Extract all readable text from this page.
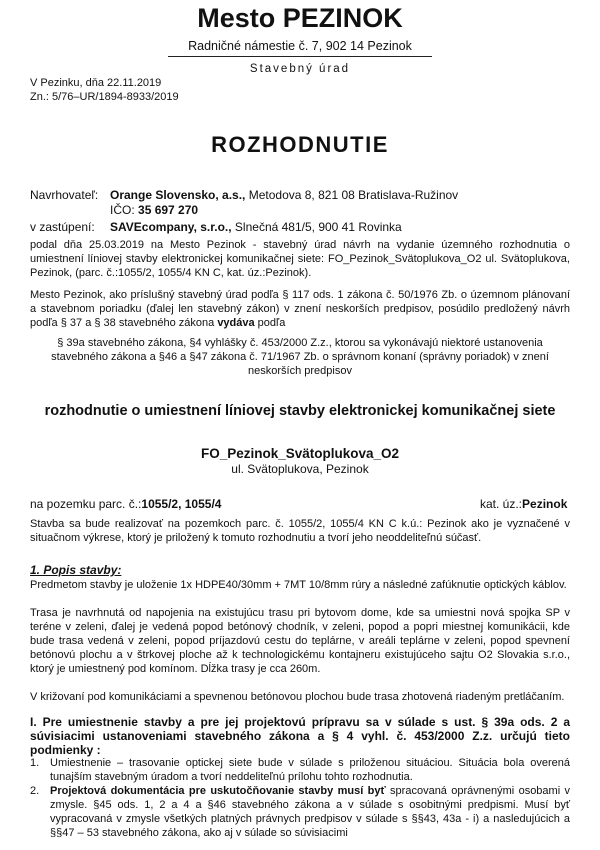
Mesto PEZINOK
Radničné námestie č. 7, 902 14 Pezinok
Stavebný úrad
V Pezinku, dňa 22.11.2019
Zn.: 5/76–UR/1894-8933/2019
ROZHODNUTIE
Navrhovateľ: Orange Slovensko, a.s., Metodova 8, 821 08 Bratislava-Ružinov
IČO: 35 697 270
v zastúpení: SAVEcompany, s.r.o., Slnečná 481/5, 900 41 Rovinka
podal dňa 25.03.2019 na Mesto Pezinok - stavebný úrad návrh na vydanie územného rozhodnutia o umiestnení líniovej stavby elektronickej komunikačnej siete: FO_Pezinok_Svätoplukova_O2 ul. Svätoplukova, Pezinok, (parc. č.:1055/2, 1055/4 KN C, kat. úz.:Pezinok).
Mesto Pezinok, ako príslušný stavebný úrad podľa § 117 ods. 1 zákona č. 50/1976 Zb. o územnom plánovaní a stavebnom poriadku (ďalej len stavebný zákon) v znení neskorších predpisov, posúdilo predložený návrh podľa § 37 a § 38 stavebného zákona vydáva podľa
§ 39a stavebného zákona, §4 vyhlášky č. 453/2000 Z.z., ktorou sa vykonávajú niektoré ustanovenia stavebného zákona a §46 a §47 zákona č. 71/1967 Zb. o správnom konaní (správny poriadok) v znení neskorších predpisov
rozhodnutie o umiestnení líniovej stavby elektronickej komunikačnej siete
FO_Pezinok_Svätoplukova_O2
ul. Svätoplukova, Pezinok
na pozemku parc. č.:1055/2, 1055/4	kat. úz.:Pezinok
Stavba sa bude realizovať na pozemkoch parc. č. 1055/2, 1055/4 KN C k.ú.: Pezinok ako je vyznačené v situačnom výkrese, ktorý je priložený k tomuto rozhodnutiu a tvorí jeho neoddeliteľnú súčasť.
1. Popis stavby:
Predmetom stavby je uloženie 1x HDPE40/30mm + 7MT 10/8mm rúry a následné zafúknutie optických káblov.
Trasa je navrhnutá od napojenia na existujúcu trasu pri bytovom dome, kde sa umiestni nová spojka SP v teréne v zeleni, ďalej je vedená popod betónový chodník, v zeleni, popod a popri miestnej komunikácii, kde bude trasa vedená v zeleni, popod príjazdovú cestu do teplárne, v areáli teplárne v zeleni, popod spevnení betónovú plochu a v štrkovej ploche až k technologickému kontajneru existujúceho sajtu O2 Slovakia s.r.o., ktorý je umiestnený pod komínom. Dĺžka trasy je cca 260m.
V križovaní pod komunikáciami a spevnenou betónovou plochou bude trasa zhotovená riadeným pretláčaním.
I. Pre umiestnenie stavby a pre jej projektovú prípravu sa v súlade s ust. § 39a ods. 2 a súvisiacimi ustanoveniami stavebného zákona a § 4 vyhl. č. 453/2000 Z.z. určujú tieto podmienky :
1. Umiestnenie – trasovanie optickej siete bude v súlade s priloženou situáciou. Situácia bola overená tunajším stavebným úradom a tvorí neddeliteľnú prílohu tohto rozhodnutia.
2. Projektová dokumentácia pre uskutočňovanie stavby musí byť spracovaná oprávnenými osobami v zmysle. §45 ods. 1, 2 a 4 a §46 stavebného zákona a v súlade s osobitnými predpismi. Musí byť vypracovaná v zmysle všetkých platných právnych predpisov v súlade s §§43, 43a - i) a nasledujúcich a §§47 – 53 stavebného zákona, ako aj v súlade so súvisiacimi
